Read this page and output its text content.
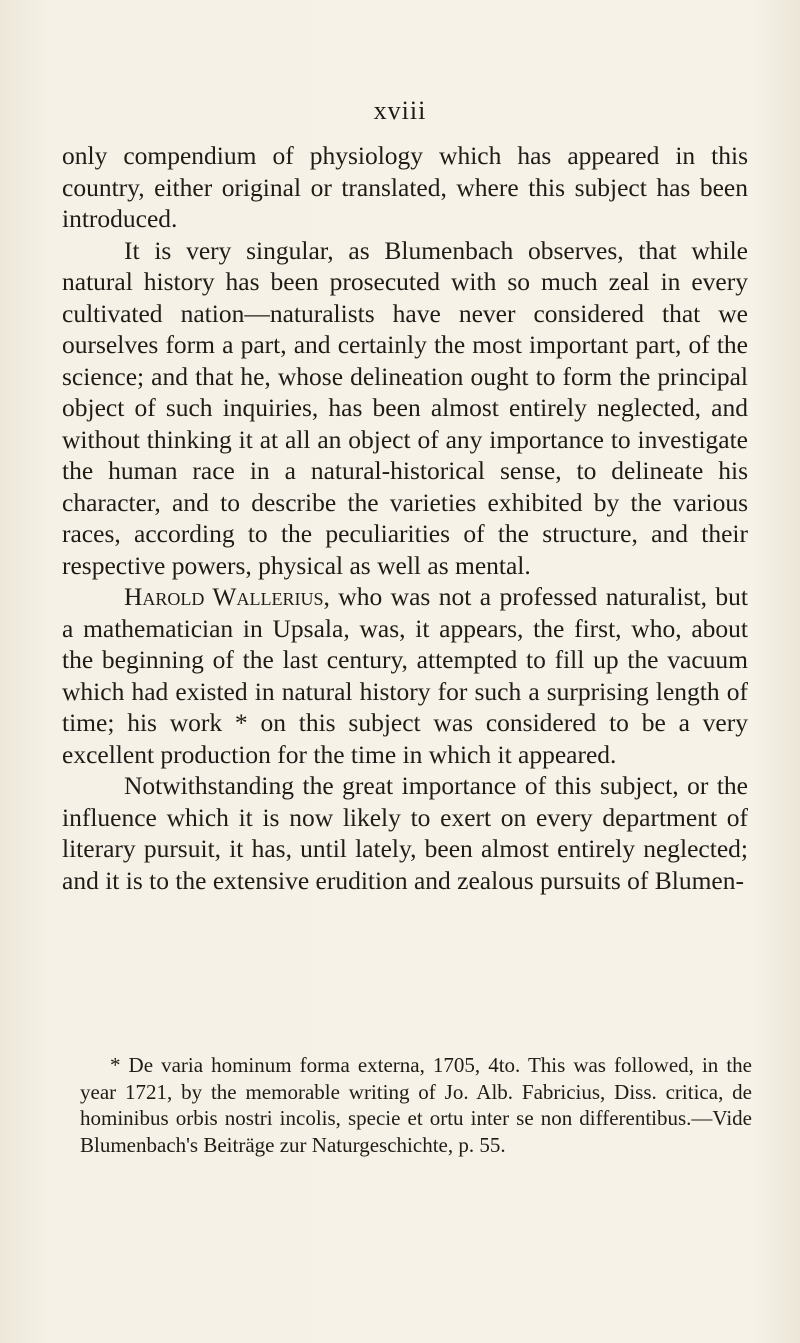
xviii

only compendium of physiology which has appeared in this country, either original or translated, where this subject has been introduced.

It is very singular, as Blumenbach observes, that while natural history has been prosecuted with so much zeal in every cultivated nation—naturalists have never considered that we ourselves form a part, and certainly the most important part, of the science; and that he, whose delineation ought to form the principal object of such inquiries, has been almost entirely neglected, and without thinking it at all an object of any importance to investigate the human race in a natural-historical sense, to delineate his character, and to describe the varieties exhibited by the various races, according to the peculiarities of the structure, and their respective powers, physical as well as mental.

Harold Wallerius, who was not a professed naturalist, but a mathematician in Upsala, was, it appears, the first, who, about the beginning of the last century, attempted to fill up the vacuum which had existed in natural history for such a surprising length of time; his work * on this subject was considered to be a very excellent production for the time in which it appeared.

Notwithstanding the great importance of this subject, or the influence which it is now likely to exert on every department of literary pursuit, it has, until lately, been almost entirely neglected; and it is to the extensive erudition and zealous pursuits of Blumen-

* De varia hominum forma externa, 1705, 4to. This was followed, in the year 1721, by the memorable writing of Jo. Alb. Fabricius, Diss. critica, de hominibus orbis nostri incolis, specie et ortu inter se non differentibus.—Vide Blumenbach's Beiträge zur Naturgeschichte, p. 55.
